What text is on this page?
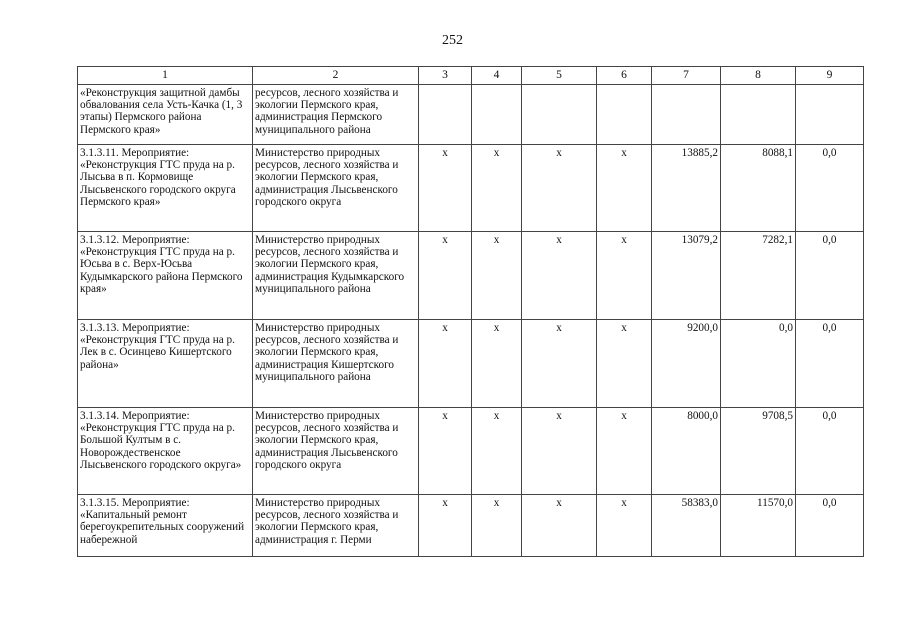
252
1	2	3	4	5	6	7	8	9
«Реконструкция защитной дамбы обвалования села Усть-Качка (1, 3 этапы) Пермского района Пермского края»	ресурсов, лесного хозяйства и экологии Пермского края, администрация Пермского муниципального района							
3.1.3.11. Мероприятие: «Реконструкция ГТС пруда на р. Лысьва в п. Кормовище Лысьвенского городского округа Пермского края»	Министерство природных ресурсов, лесного хозяйства и экологии Пермского края, администрация Лысьвенского городского округа	х	х	х	х	13885,2	8088,1	0,0
3.1.3.12. Мероприятие: «Реконструкция ГТС пруда на р. Юсьва в с. Верх-Юсьва Кудымкарского района Пермского края»	Министерство природных ресурсов, лесного хозяйства и экологии Пермского края, администрация Кудымкарского муниципального района	х	х	х	х	13079,2	7282,1	0,0
3.1.3.13. Мероприятие: «Реконструкция ГТС пруда на р. Лек в с. Осинцево Кишертского района»	Министерство природных ресурсов, лесного хозяйства и экологии Пермского края, администрация Кишертского муниципального района	х	х	х	х	9200,0	0,0	0,0
3.1.3.14. Мероприятие: «Реконструкция ГТС пруда на р. Большой Култым в с. Новорождественское Лысьвенского городского округа»	Министерство природных ресурсов, лесного хозяйства и экологии Пермского края, администрация Лысьвенского городского округа	х	х	х	х	8000,0	9708,5	0,0
3.1.3.15. Мероприятие: «Капитальный ремонт берегоукрепительных сооружений набережной	Министерство природных ресурсов, лесного хозяйства и экологии Пермского края, администрация г. Перми	х	х	х	х	58383,0	11570,0	0,0
